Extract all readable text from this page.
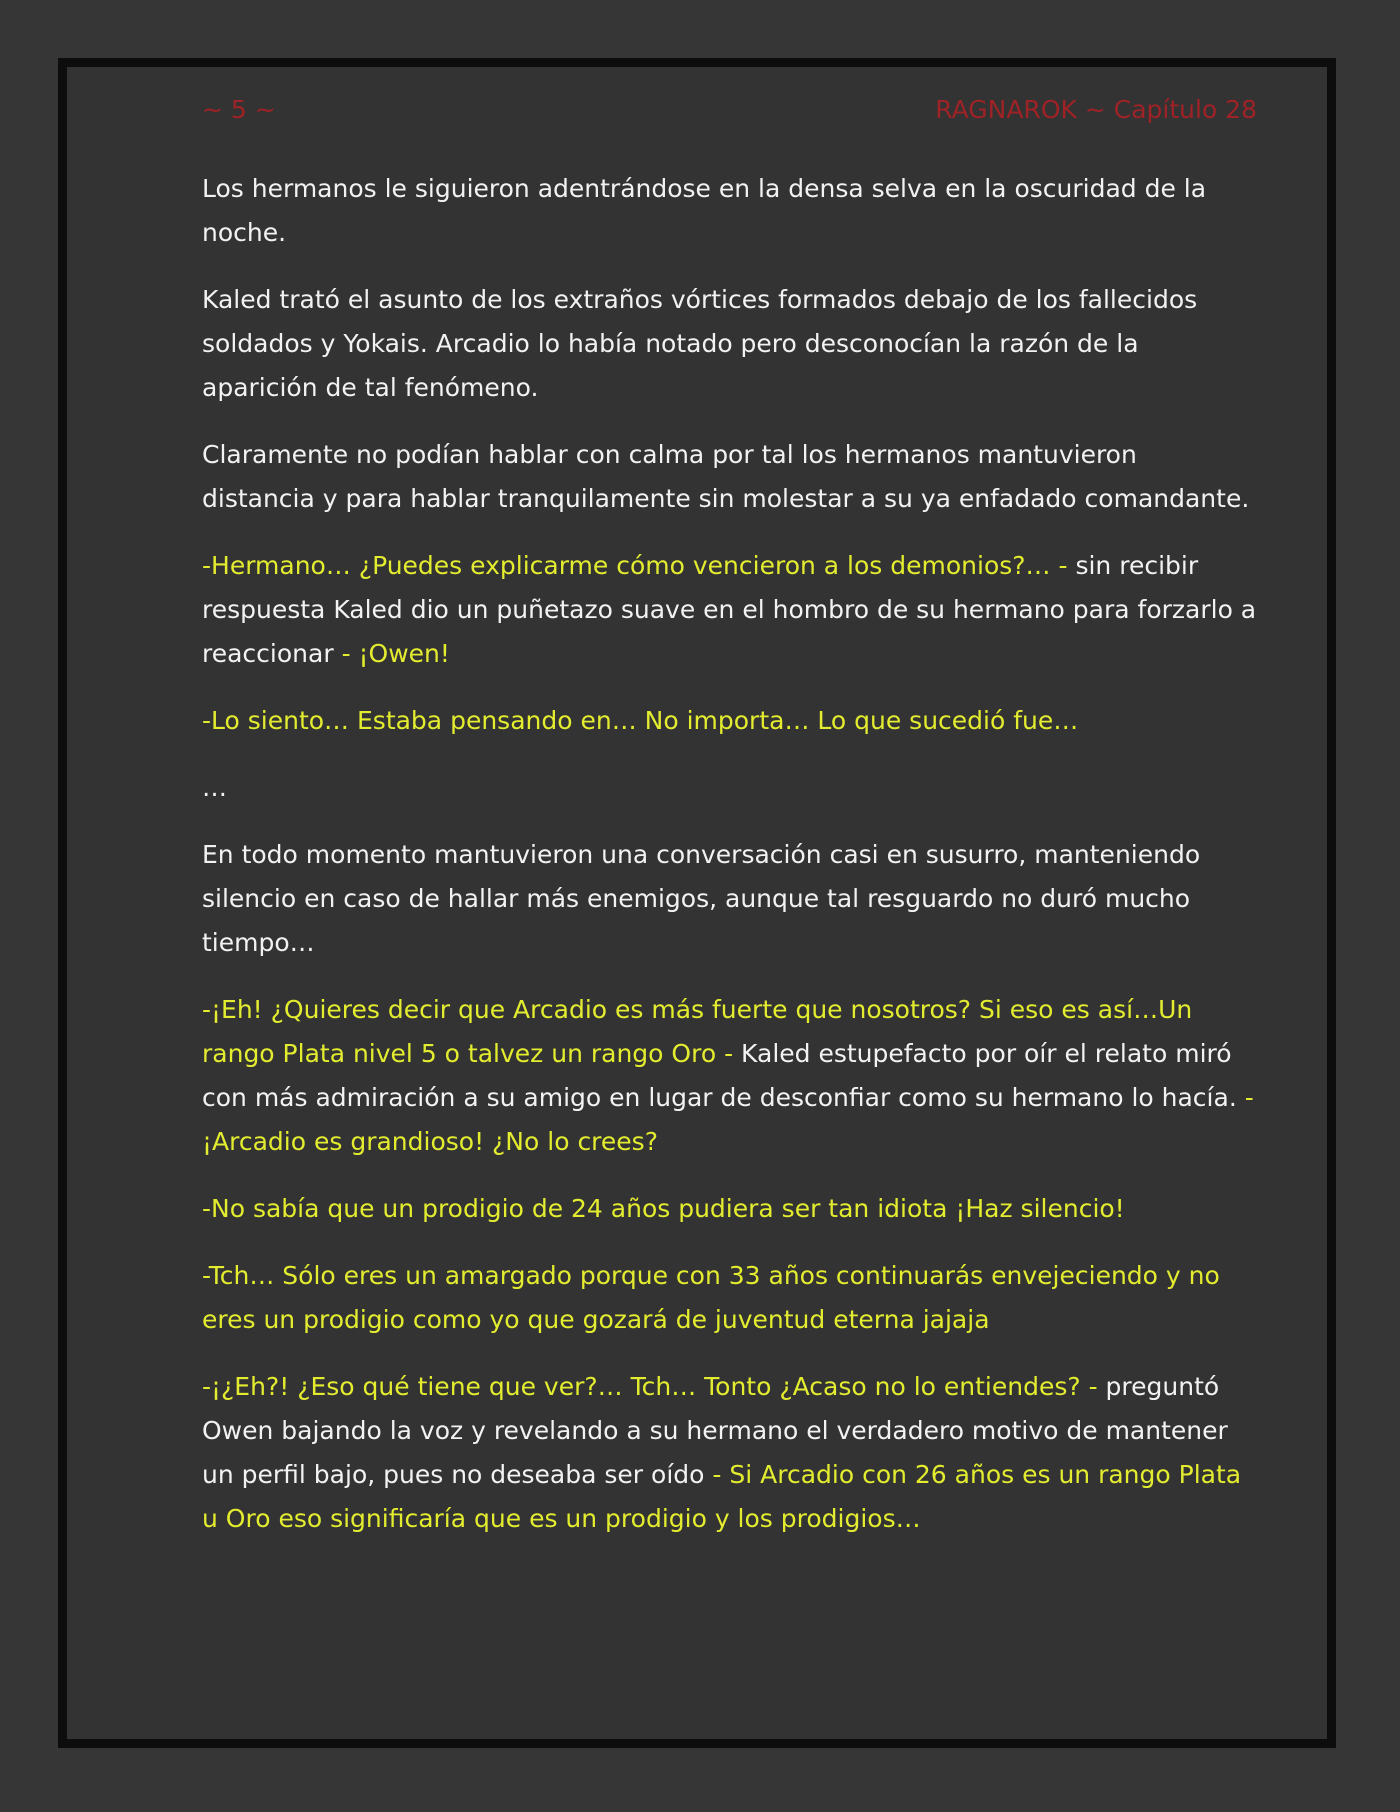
~ 5 ~	RAGNAROK ~ Capítulo 28

Los hermanos le siguieron adentrándose en la densa selva en la oscuridad de la noche.

Kaled trató el asunto de los extraños vórtices formados debajo de los fallecidos soldados y Yokais. Arcadio lo había notado pero desconocían la razón de la aparición de tal fenómeno.

Claramente no podían hablar con calma por tal los hermanos mantuvieron distancia y para hablar tranquilamente sin molestar a su ya enfadado comandante.

-Hermano… ¿Puedes explicarme cómo vencieron a los demonios?… - sin recibir respuesta Kaled dio un puñetazo suave en el hombro de su hermano para forzarlo a reaccionar - ¡Owen!

-Lo siento… Estaba pensando en… No importa… Lo que sucedió fue…

…

En todo momento mantuvieron una conversación casi en susurro, manteniendo silencio en caso de hallar más enemigos, aunque tal resguardo no duró mucho tiempo…

-¡Eh! ¿Quieres decir que Arcadio es más fuerte que nosotros? Si eso es así…Un rango Plata nivel 5 o talvez un rango Oro - Kaled estupefacto por oír el relato miró con más admiración a su amigo en lugar de desconfiar como su hermano lo hacía. - ¡Arcadio es grandioso! ¿No lo crees?

-No sabía que un prodigio de 24 años pudiera ser tan idiota ¡Haz silencio!

-Tch… Sólo eres un amargado porque con 33 años continuarás envejeciendo y no eres un prodigio como yo que gozará de juventud eterna jajaja

-¡¿Eh?! ¿Eso qué tiene que ver?… Tch… Tonto ¿Acaso no lo entiendes? - preguntó Owen bajando la voz y revelando a su hermano el verdadero motivo de mantener un perfil bajo, pues no deseaba ser oído - Si Arcadio con 26 años es un rango Plata u Oro eso significaría que es un prodigio y los prodigios…
